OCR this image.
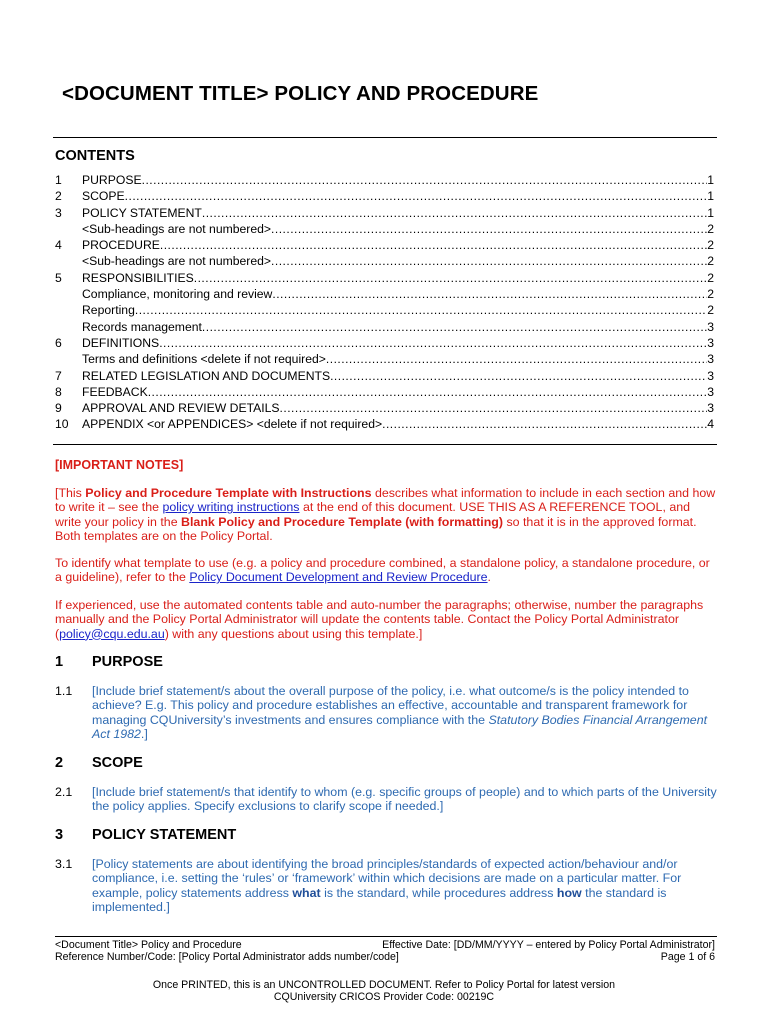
<DOCUMENT TITLE> POLICY AND PROCEDURE
CONTENTS
1	PURPOSE .....	1
2	SCOPE .....	1
3	POLICY STATEMENT .....	1
<Sub-headings are not numbered> .....	2
4	PROCEDURE .....	2
<Sub-headings are not numbered> .....	2
5	RESPONSIBILITIES .....	2
Compliance, monitoring and review .....	2
Reporting .....	2
Records management .....	3
6	DEFINITIONS .....	3
Terms and definitions <delete if not required> .....	3
7	RELATED LEGISLATION AND DOCUMENTS .....	3
8	FEEDBACK .....	3
9	APPROVAL AND REVIEW DETAILS .....	3
10	APPENDIX <or APPENDICES> <delete if not required> .....	4
[IMPORTANT NOTES]
[This Policy and Procedure Template with Instructions describes what information to include in each section and how to write it – see the policy writing instructions at the end of this document. USE THIS AS A REFERENCE TOOL, and write your policy in the Blank Policy and Procedure Template (with formatting) so that it is in the approved format. Both templates are on the Policy Portal.
To identify what template to use (e.g. a policy and procedure combined, a standalone policy, a standalone procedure, or a guideline), refer to the Policy Document Development and Review Procedure.
If experienced, use the automated contents table and auto-number the paragraphs; otherwise, number the paragraphs manually and the Policy Portal Administrator will update the contents table. Contact the Policy Portal Administrator (policy@cqu.edu.au) with any questions about using this template.]
1 PURPOSE
1.1 [Include brief statement/s about the overall purpose of the policy, i.e. what outcome/s is the policy intended to achieve? E.g. This policy and procedure establishes an effective, accountable and transparent framework for managing CQUniversity’s investments and ensures compliance with the Statutory Bodies Financial Arrangement Act 1982.]
2 SCOPE
2.1 [Include brief statement/s that identify to whom (e.g. specific groups of people) and to which parts of the University the policy applies. Specify exclusions to clarify scope if needed.]
3 POLICY STATEMENT
3.1 [Policy statements are about identifying the broad principles/standards of expected action/behaviour and/or compliance, i.e. setting the ‘rules’ or ‘framework’ within which decisions are made on a particular matter. For example, policy statements address what is the standard, while procedures address how the standard is implemented.]
<Document Title> Policy and Procedure	Effective Date: [DD/MM/YYYY – entered by Policy Portal Administrator]
Reference Number/Code: [Policy Portal Administrator adds number/code]	Page 1 of 6
Once PRINTED, this is an UNCONTROLLED DOCUMENT. Refer to Policy Portal for latest version
CQUniversity CRICOS Provider Code: 00219C
